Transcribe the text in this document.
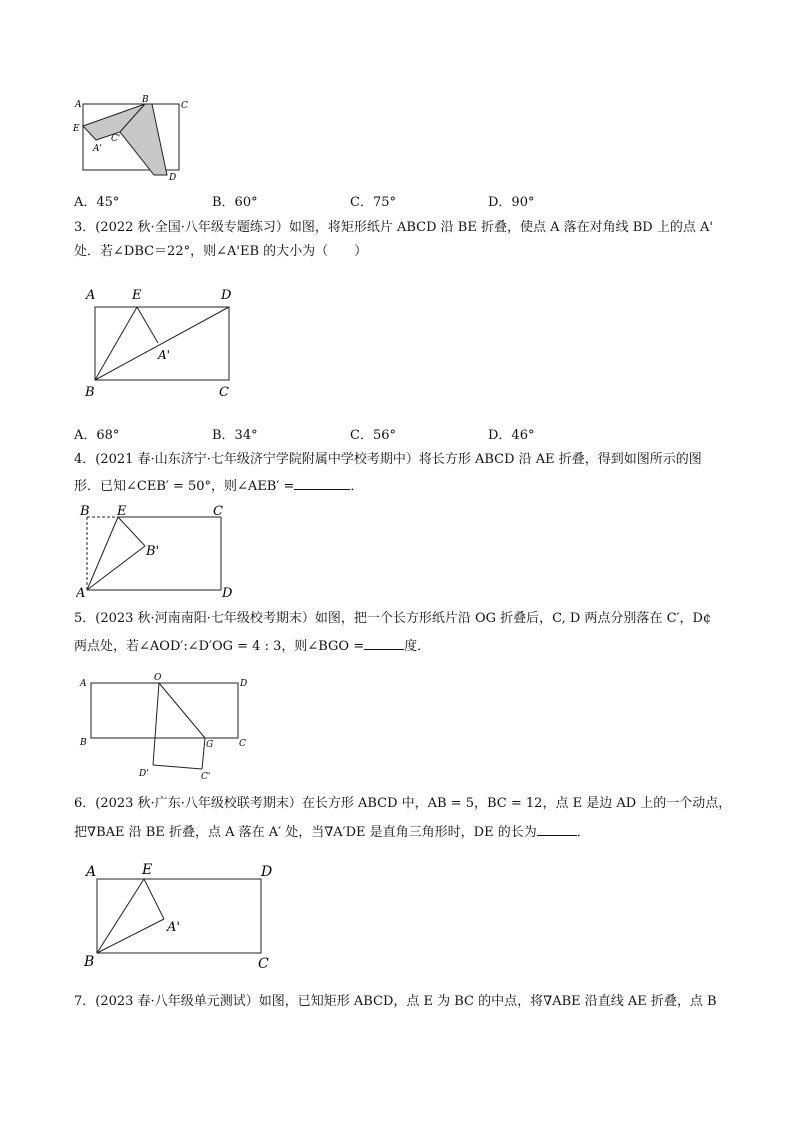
A	B
C
E
A'
C'
D
A．45°	B．60°	C．75°	D．90°
3．(2022 秋·全国·八年级专题练习）如图，将矩形纸片 ABCD 沿 BE 折叠，使点 A 落在对角线 BD 上的点 A'
处．若∠DBC＝22°，则∠A'EB 的大小为（　　）
A	E	D
A'
B	C
A．68°	B．34°	C．56°	D．46°
4．(2021 春·山东济宁·七年级济宁学院附属中学校考期中）将长方形 ABCD 沿 AE 折叠，得到如图所示的图
形．已知∠CEB′ = 50°，则∠AEB′ =	．
B E	C
B'
A	D
5．(2023 秋·河南南阳·七年级校考期末）如图，把一个长方形纸片沿 OG 折叠后，C, D 两点分别落在 C′，D¢
两点处，若∠AOD′:∠D′OG = 4 : 3，则∠BGO =	度．
A
O
D
B	G	C
D'	C'
6．(2023 秋·广东·八年级校联考期末）在长方形 ABCD 中，AB = 5，BC = 12，点 E 是边 AD 上的一个动点，
把∇BAE 沿 BE 折叠，点 A 落在 A′ 处，当∇A′DE 是直角三角形时，DE 的长为	．
A	E	D
A'
B	C
7．(2023 春·八年级单元测试）如图，已知矩形 ABCD，点 E 为 BC 的中点，将∇ABE 沿直线 AE 折叠，点 B
